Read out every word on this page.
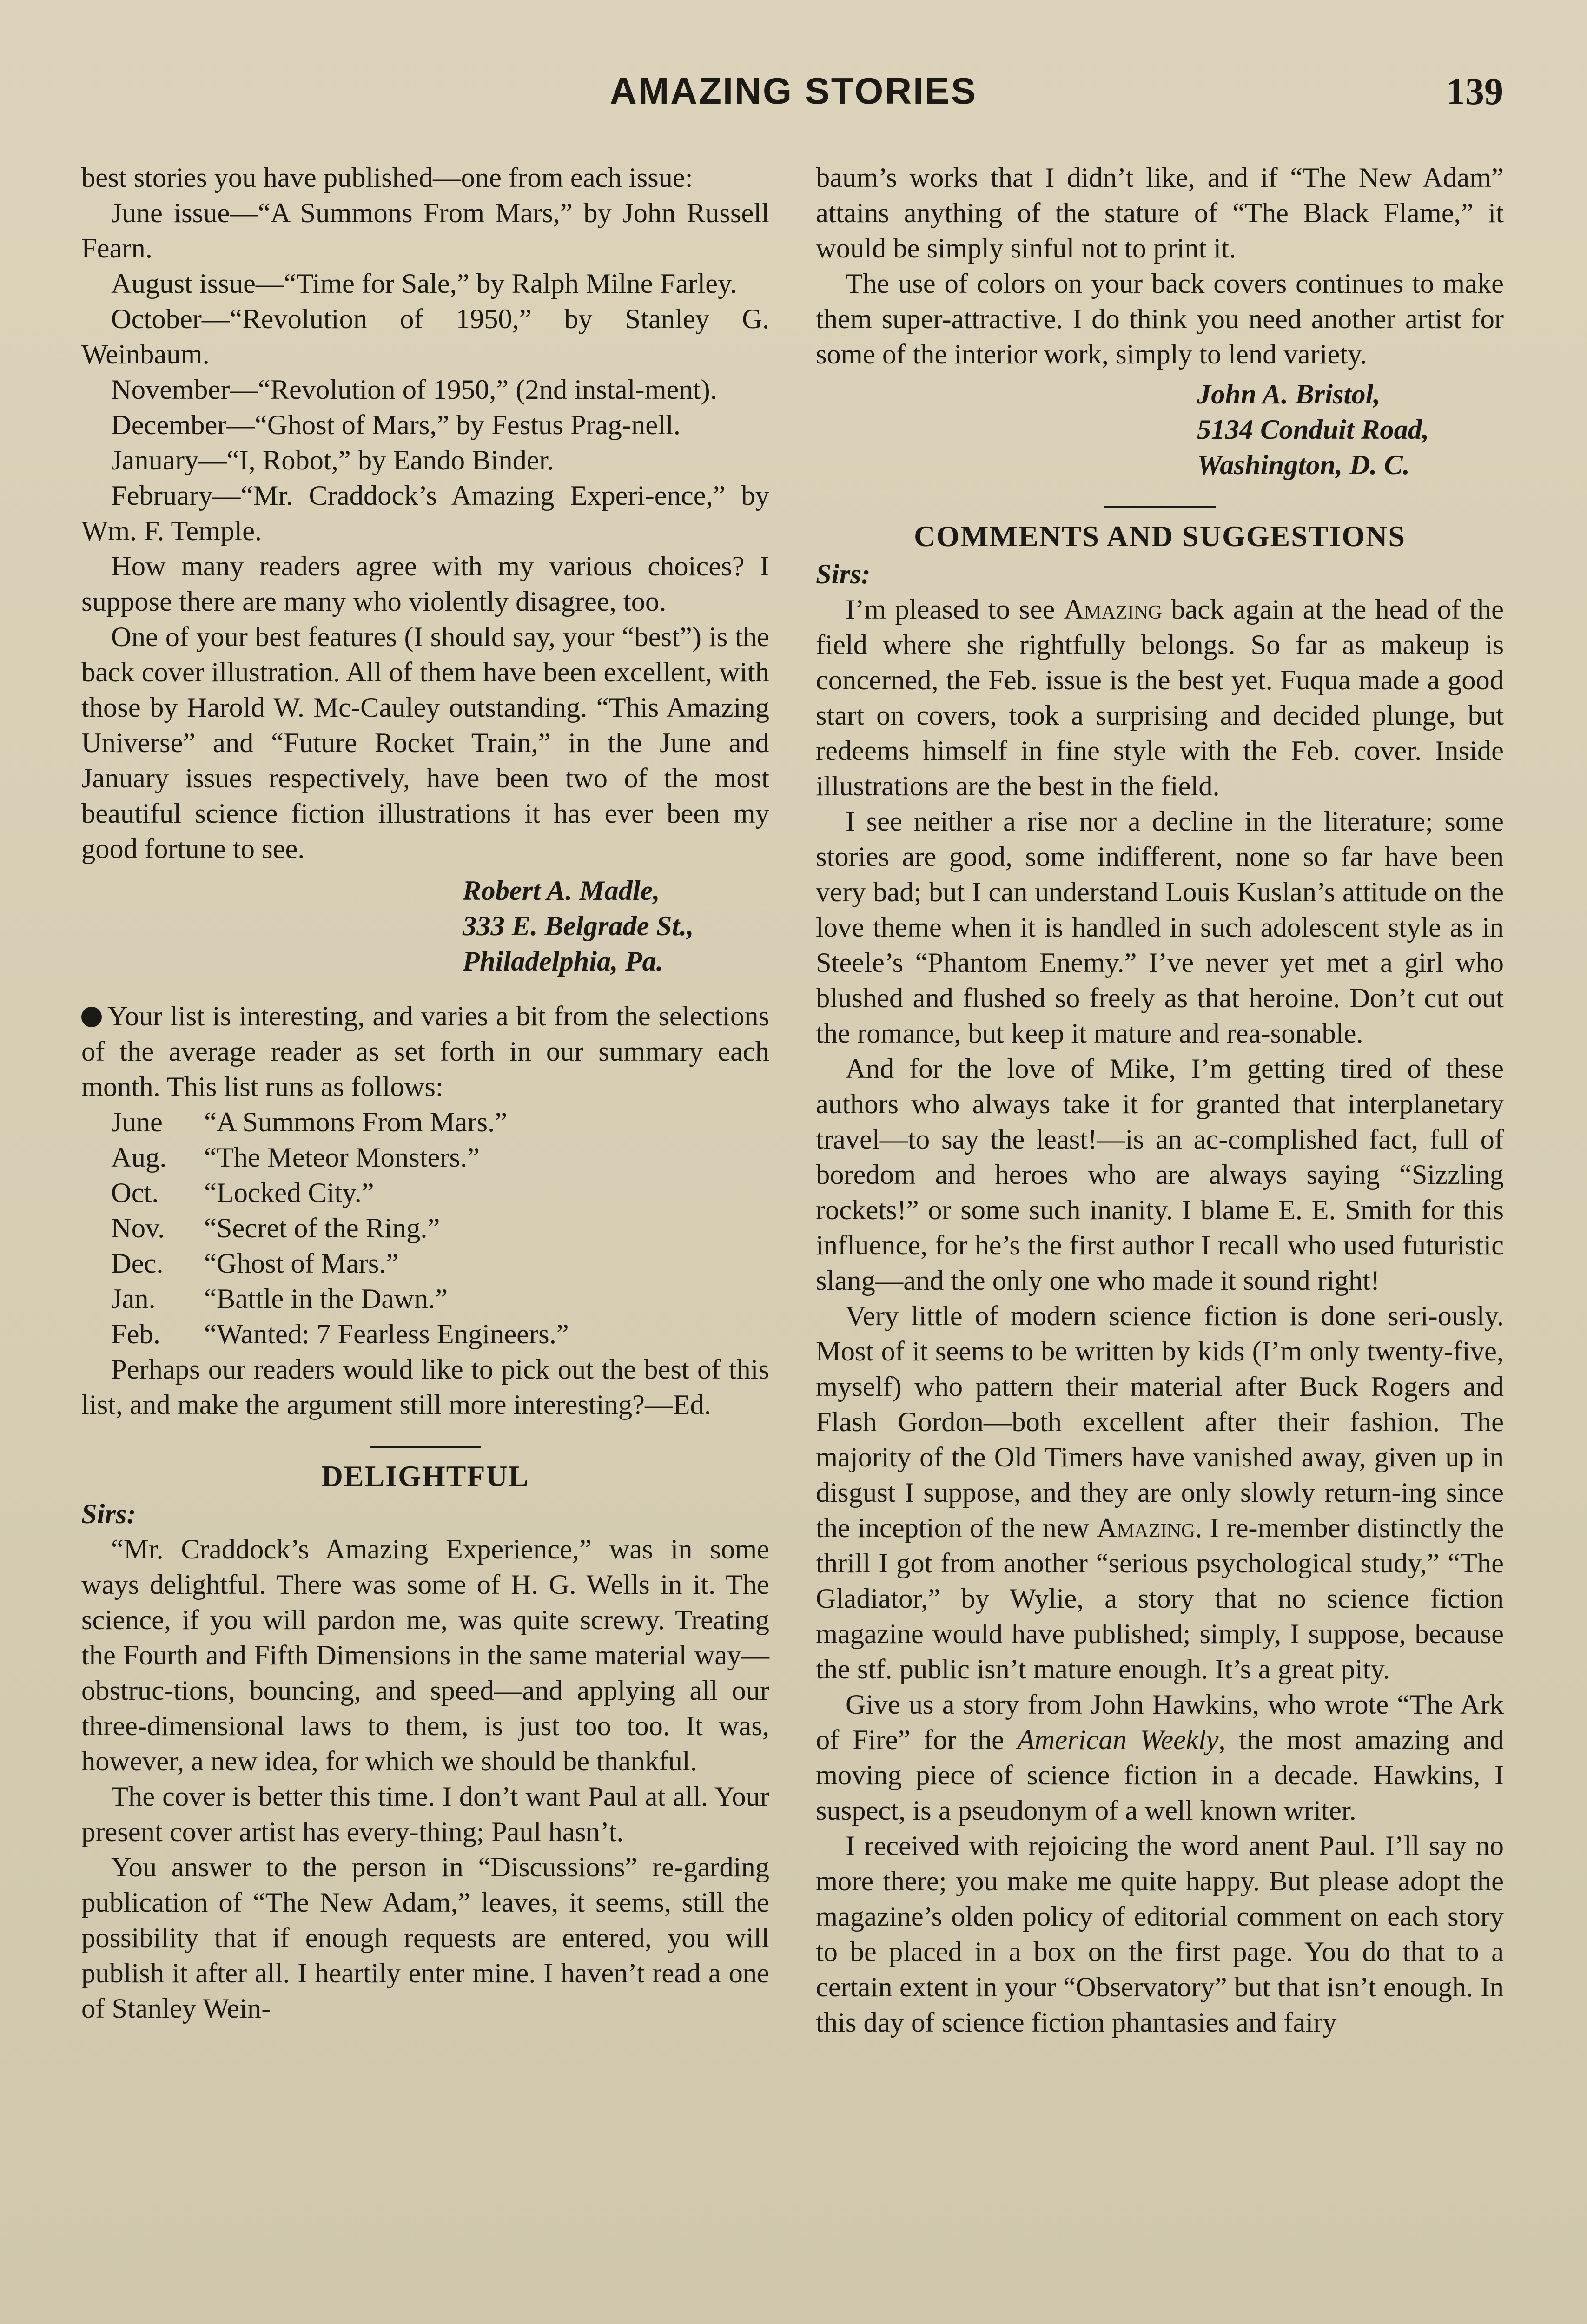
AMAZING STORIES	139

best stories you have published—one from each issue:

June issue—“A Summons From Mars,” by John Russell Fearn.

August issue—“Time for Sale,” by Ralph Milne Farley.

October—“Revolution of 1950,” by Stanley G. Weinbaum.

November—“Revolution of 1950,” (2nd instal-ment).

December—“Ghost of Mars,” by Festus Prag-nell.

January—“I, Robot,” by Eando Binder.

February—“Mr. Craddock’s Amazing Experi-ence,” by Wm. F. Temple.

How many readers agree with my various choices? I suppose there are many who violently disagree, too.

One of your best features (I should say, your “best”) is the back cover illustration. All of them have been excellent, with those by Harold W. Mc-Cauley outstanding. “This Amazing Universe” and “Future Rocket Train,” in the June and January issues respectively, have been two of the most beautiful science fiction illustrations it has ever been my good fortune to see.

Robert A. Madle,

333 E. Belgrade St.,

Philadelphia, Pa.

Your list is interesting, and varies a bit from the selections of the average reader as set forth in our summary each month. This list runs as follows:

June	“A Summons From Mars.”
Aug.	“The Meteor Monsters.”
Oct.	“Locked City.”
Nov.	“Secret of the Ring.”
Dec.	“Ghost of Mars.”
Jan.	“Battle in the Dawn.”
Feb.	“Wanted: 7 Fearless Engineers.”

Perhaps our readers would like to pick out the best of this list, and make the argument still more interesting?—Ed.

DELIGHTFUL

Sirs:

“Mr. Craddock’s Amazing Experience,” was in some ways delightful. There was some of H. G. Wells in it. The science, if you will pardon me, was quite screwy. Treating the Fourth and Fifth Dimensions in the same material way—obstruc-tions, bouncing, and speed—and applying all our three-dimensional laws to them, is just too too. It was, however, a new idea, for which we should be thankful.

The cover is better this time. I don’t want Paul at all. Your present cover artist has every-thing; Paul hasn’t.

You answer to the person in “Discussions” re-garding publication of “The New Adam,” leaves, it seems, still the possibility that if enough requests are entered, you will publish it after all. I heartily enter mine. I haven’t read a one of Stanley Wein-

baum’s works that I didn’t like, and if “The New Adam” attains anything of the stature of “The Black Flame,” it would be simply sinful not to print it.

The use of colors on your back covers continues to make them super-attractive. I do think you need another artist for some of the interior work, simply to lend variety.

John A. Bristol,

5134 Conduit Road,

Washington, D. C.

COMMENTS AND SUGGESTIONS

Sirs:

I’m pleased to see Amazing back again at the head of the field where she rightfully belongs. So far as makeup is concerned, the Feb. issue is the best yet. Fuqua made a good start on covers, took a surprising and decided plunge, but redeems himself in fine style with the Feb. cover. Inside illustrations are the best in the field.

I see neither a rise nor a decline in the literature; some stories are good, some indifferent, none so far have been very bad; but I can understand Louis Kuslan’s attitude on the love theme when it is handled in such adolescent style as in Steele’s “Phantom Enemy.” I’ve never yet met a girl who blushed and flushed so freely as that heroine. Don’t cut out the romance, but keep it mature and rea-sonable.

And for the love of Mike, I’m getting tired of these authors who always take it for granted that interplanetary travel—to say the least!—is an ac-complished fact, full of boredom and heroes who are always saying “Sizzling rockets!” or some such inanity. I blame E. E. Smith for this influence, for he’s the first author I recall who used futuristic slang—and the only one who made it sound right!

Very little of modern science fiction is done seri-ously. Most of it seems to be written by kids (I’m only twenty-five, myself) who pattern their material after Buck Rogers and Flash Gordon—both excellent after their fashion. The majority of the Old Timers have vanished away, given up in disgust I suppose, and they are only slowly return-ing since the inception of the new Amazing. I re-member distinctly the thrill I got from another “serious psychological study,” “The Gladiator,” by Wylie, a story that no science fiction magazine would have published; simply, I suppose, because the stf. public isn’t mature enough. It’s a great pity.

Give us a story from John Hawkins, who wrote “The Ark of Fire” for the American Weekly, the most amazing and moving piece of science fiction in a decade. Hawkins, I suspect, is a pseudonym of a well known writer.

I received with rejoicing the word anent Paul. I’ll say no more there; you make me quite happy. But please adopt the magazine’s olden policy of editorial comment on each story to be placed in a box on the first page. You do that to a certain extent in your “Observatory” but that isn’t enough. In this day of science fiction phantasies and fairy
